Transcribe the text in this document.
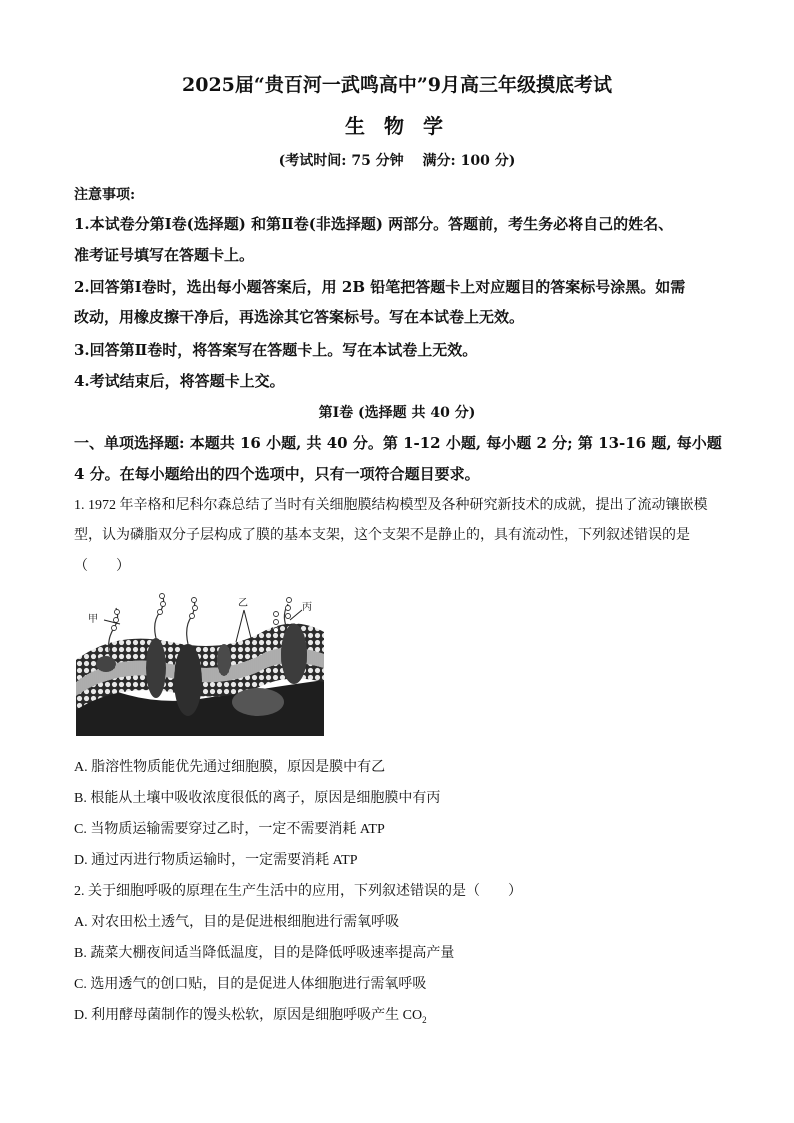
2025届“贵百河一武鸣高中”9月高三年级摸底考试
生 物 学
(考试时间: 75 分钟　 满分: 100 分)
注意事项:
1.本试卷分第Ⅰ卷(选择题) 和第Ⅱ卷(非选择题) 两部分。答题前，考生务必将自己的姓名、
准考证号填写在答题卡上。
2.回答第Ⅰ卷时，选出每小题答案后，用 2B 铅笔把答题卡上对应题目的答案标号涂黑。如需
改动，用橡皮擦干净后，再选涂其它答案标号。写在本试卷上无效。
3.回答第Ⅱ卷时，将答案写在答题卡上。写在本试卷上无效。
4.考试结束后，将答题卡上交。
第Ⅰ卷 (选择题 共 40 分)
一、单项选择题: 本题共 16 小题, 共 40 分。第 1-12 小题, 每小题 2 分; 第 13-16 题, 每小题
4 分。在每小题给出的四个选项中，只有一项符合题目要求。
1. 1972 年辛格和尼科尔森总结了当时有关细胞膜结构模型及各种研究新技术的成就，提出了流动镶嵌模
型，认为磷脂双分子层构成了膜的基本支架，这个支架不是静止的，具有流动性，下列叙述错误的是
（　　）
甲
乙	丙
A. 脂溶性物质能优先通过细胞膜，原因是膜中有乙
B. 根能从土壤中吸收浓度很低的离子，原因是细胞膜中有丙
C. 当物质运输需要穿过乙时，一定不需要消耗 ATP
D. 通过丙进行物质运输时，一定需要消耗 ATP
2. 关于细胞呼吸的原理在生产生活中的应用，下列叙述错误的是（　　）
A. 对农田松土透气，目的是促进根细胞进行需氧呼吸
B. 蔬菜大棚夜间适当降低温度，目的是降低呼吸速率提高产量
C. 选用透气的创口贴，目的是促进人体细胞进行需氧呼吸
D. 利用酵母菌制作的馒头松软，原因是细胞呼吸产生 $CO_2$
